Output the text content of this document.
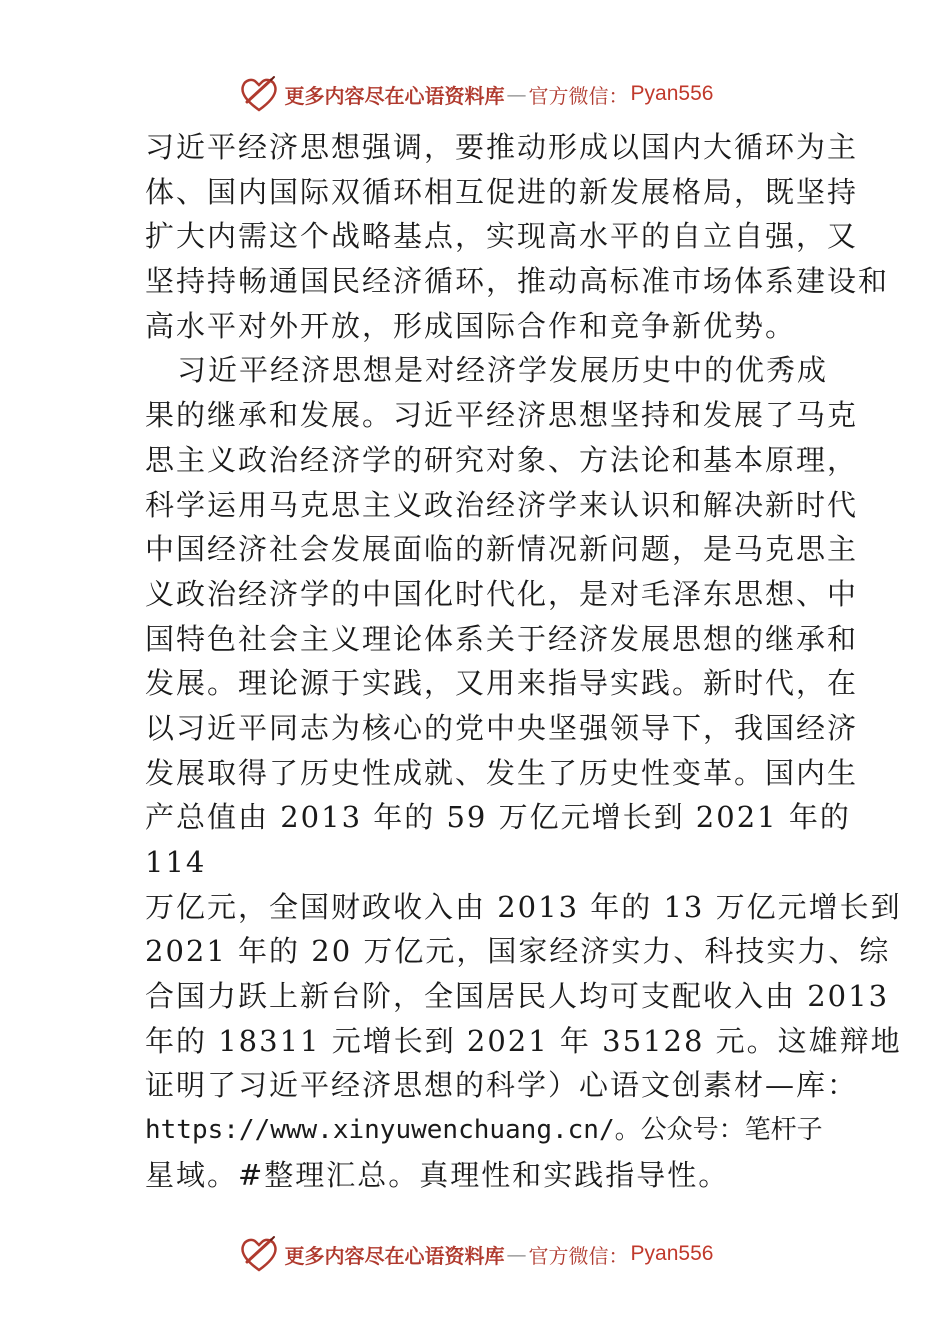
更多内容尽在心语资料库 — 官方微信： Pyan556
习近平经济思想强调，要推动形成以国内大循环为主
体、国内国际双循环相互促进的新发展格局，既坚持
扩大内需这个战略基点，实现高水平的自立自强，又
坚持持畅通国民经济循环，推动高标准市场体系建设和
高水平对外开放，形成国际合作和竞争新优势。
习近平经济思想是对经济学发展历史中的优秀成
果的继承和发展。习近平经济思想坚持和发展了马克
思主义政治经济学的研究对象、方法论和基本原理，
科学运用马克思主义政治经济学来认识和解决新时代
中国经济社会发展面临的新情况新问题，是马克思主
义政治经济学的中国化时代化，是对毛泽东思想、中
国特色社会主义理论体系关于经济发展思想的继承和
发展。理论源于实践，又用来指导实践。新时代，在
以习近平同志为核心的党中央坚强领导下，我国经济
发展取得了历史性成就、发生了历史性变革。国内生
产总值由 2013 年的 59 万亿元增长到 2021 年的
114
万亿元，全国财政收入由 2013 年的 13 万亿元增长到
2021 年的 20 万亿元，国家经济实力、科技实力、综
合国力跃上新台阶，全国居民人均可支配收入由 2013
年的 18311 元增长到 2021 年 35128 元。这雄辩地
证明了习近平经济思想的科学）心语文创素材—库：
https://www.xinyuwenchuang.cn/。公众号：笔杆子
星域。#整理汇总。真理性和实践指导性。
更多内容尽在心语资料库 — 官方微信： Pyan556
